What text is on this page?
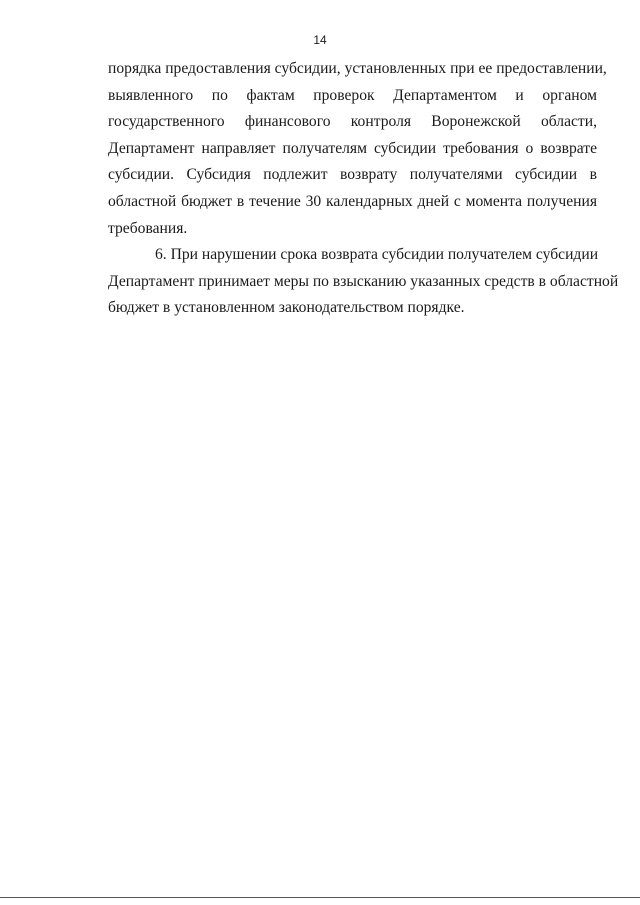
14
порядка предоставления субсидии, установленных при ее предоставлении,
выявленного по фактам проверок Департаментом и органом
государственного финансового контроля Воронежской области,
Департамент направляет получателям субсидии требования о возврате
субсидии. Субсидия подлежит возврату получателями субсидии в
областной бюджет в течение 30 календарных дней с момента получения
требования.
6. При нарушении срока возврата субсидии получателем субсидии
Департамент принимает меры по взысканию указанных средств в областной
бюджет в установленном законодательством порядке.
